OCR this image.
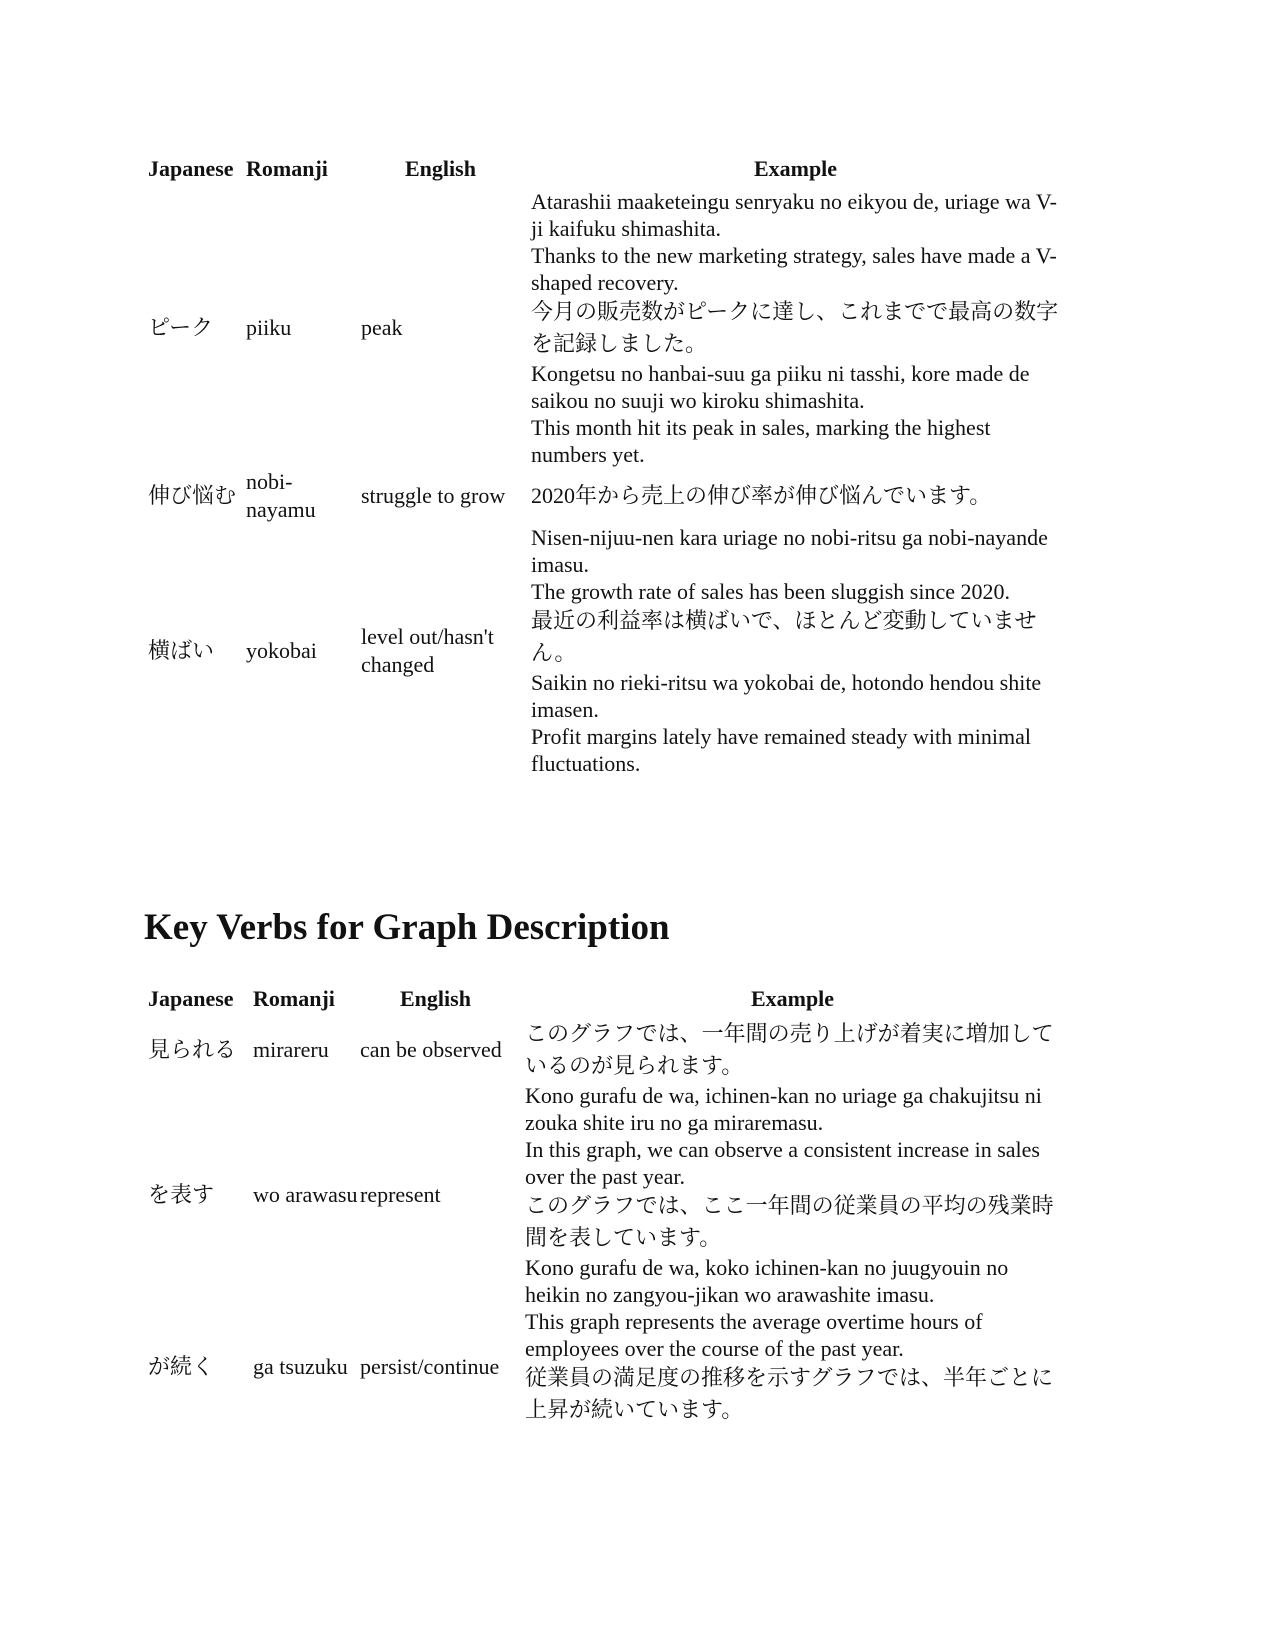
Japanese	Romanji	English	Example
ピーク	piiku	peak	Atarashii maaketeingu senryaku no eikyou de, uriage wa V-ji kaifuku shimashita.
			Thanks to the new marketing strategy, sales have made a V-shaped recovery.
			今月の販売数がピークに達し、これまでで最高の数字を記録しました。
			Kongetsu no hanbai-suu ga piiku ni tasshi, kore made de saikou no suuji wo kiroku shimashita.
			This month hit its peak in sales, marking the highest numbers yet.
伸び悩む	nobi-nayamu	struggle to grow	2020年から売上の伸び率が伸び悩んでいます。
横ばい	yokobai	level out/hasn't changed	Nisen-nijuu-nen kara uriage no nobi-ritsu ga nobi-nayande imasu.
			The growth rate of sales has been sluggish since 2020.
			最近の利益率は横ばいで、ほとんど変動していません。
			Saikin no rieki-ritsu wa yokobai de, hotondo hendou shite imasen.
			Profit margins lately have remained steady with minimal fluctuations.
Key Verbs for Graph Description
Japanese	Romanji	English	Example
見られる	mirareru	can be observed	このグラフでは、一年間の売り上げが着実に増加しているのが見られます。
を表す	wo arawasu	represent	Kono gurafu de wa, ichinen-kan no uriage ga chakujitsu ni zouka shite iru no ga miraremasu.
			In this graph, we can observe a consistent increase in sales over the past year.
			このグラフでは、ここ一年間の従業員の平均の残業時間を表しています。
			Kono gurafu de wa, koko ichinen-kan no juugyouin no heikin no zangyou-jikan wo arawashite imasu.
が続く	ga tsuzuku	persist/continue	This graph represents the average overtime hours of employees over the course of the past year.
			従業員の満足度の推移を示すグラフでは、半年ごとに上昇が続いています。
